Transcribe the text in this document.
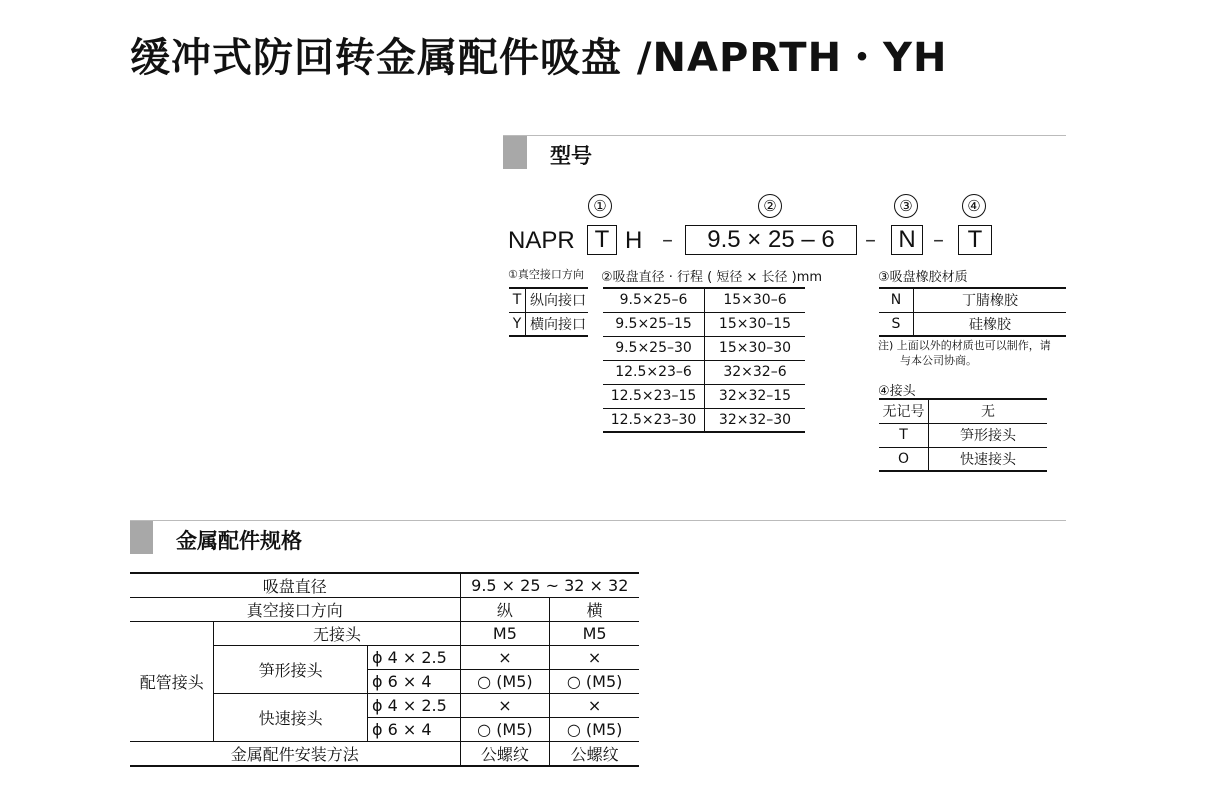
缓冲式防回转金属配件吸盘 /NAPRTH・YH
型号
①	②	③	④
NAPR T H –	9.5 × 25 – 6	– N – T
①真空接口方向
T	纵向接口
Y	横向接口
②吸盘直径 · 行程 ( 短径 × 长径 )mm
9.5×25–6	15×30–6
9.5×25–15	15×30–15
9.5×25–30	15×30–30
12.5×23–6	32×32–6
12.5×23–15	32×32–15
12.5×23–30	32×32–30
③吸盘橡胶材质
N	丁腈橡胶
S	硅橡胶
注) 上面以外的材质也可以制作，请
与本公司协商。
④接头
无记号	无
T	笋形接头
O	快速接头
金属配件规格
吸盘直径			9.5 × 25 ~ 32 × 32	
真空接口方向			纵	横
配管接头	无接头		M5	M5
	笋形接头	ϕ 4 × 2.5	×	×
		ϕ 6 × 4	○ (M5)	○ (M5)
	快速接头	ϕ 4 × 2.5	×	×
		ϕ 6 × 4	○ (M5)	○ (M5)
金属配件安装方法			公螺纹	公螺纹
